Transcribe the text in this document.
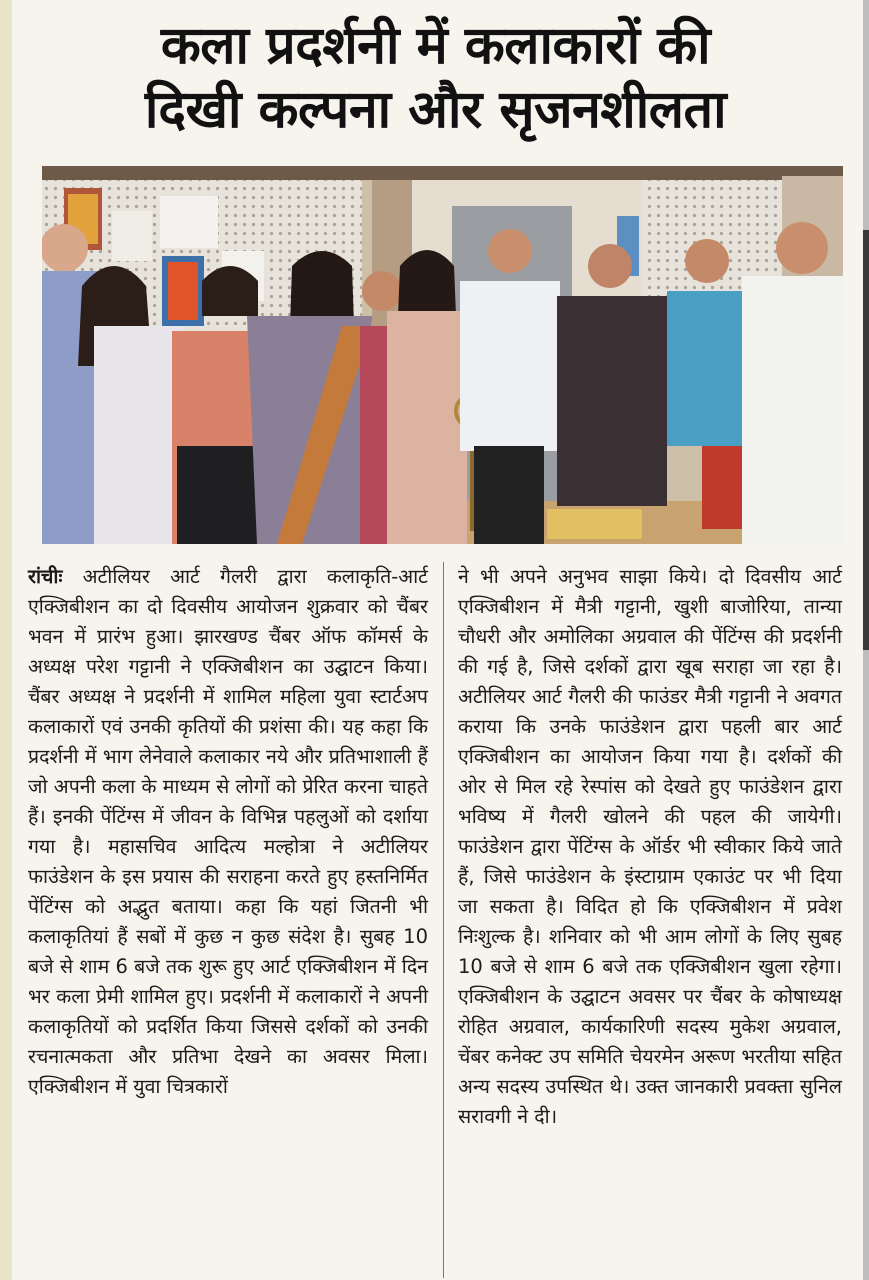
कला प्रदर्शनी में कलाकारों की
दिखी कल्पना और सृजनशीलता
रांचीः अटीलियर आर्ट गैलरी द्वारा कलाकृति-आर्ट एक्जिबीशन का दो दिवसीय आयोजन शुक्रवार को चैंबर भवन में प्रारंभ हुआ। झारखण्ड चैंबर ऑफ कॉमर्स के अध्यक्ष परेश गट्टानी ने एक्जिबीशन का उद्घाटन किया। चैंबर अध्यक्ष ने प्रदर्शनी में शामिल महिला युवा स्टार्टअप कलाकारों एवं उनकी कृतियों की प्रशंसा की। यह कहा कि प्रदर्शनी में भाग लेनेवाले कलाकार नये और प्रतिभाशाली हैं जो अपनी कला के माध्यम से लोगों को प्रेरित करना चाहते हैं। इनकी पेंटिंग्स में जीवन के विभिन्न पहलुओं को दर्शाया गया है। महासचिव आदित्य मल्होत्रा ने अटीलियर फाउंडेशन के इस प्रयास की सराहना करते हुए हस्तनिर्मित पेंटिंग्स को अद्भुत बताया। कहा कि यहां जितनी भी कलाकृतियां हैं सबों में कुछ न कुछ संदेश है। सुबह 10 बजे से शाम 6 बजे तक शुरू हुए आर्ट एक्जिबीशन में दिन भर कला प्रेमी शामिल हुए। प्रदर्शनी में कलाकारों ने अपनी कलाकृतियों को प्रदर्शित किया जिससे दर्शकों को उनकी रचनात्मकता और प्रतिभा देखने का अवसर मिला। एक्जिबीशन में युवा चित्रकारों
ने भी अपने अनुभव साझा किये। दो दिवसीय आर्ट एक्जिबीशन में मैत्री गट्टानी, खुशी बाजोरिया, तान्या चौधरी और अमोलिका अग्रवाल की पेंटिंग्स की प्रदर्शनी की गई है, जिसे दर्शकों द्वारा खूब सराहा जा रहा है। अटीलियर आर्ट गैलरी की फाउंडर मैत्री गट्टानी ने अवगत कराया कि उनके फाउंडेशन द्वारा पहली बार आर्ट एक्जिबीशन का आयोजन किया गया है। दर्शकों की ओर से मिल रहे रेस्पांस को देखते हुए फाउंडेशन द्वारा भविष्य में गैलरी खोलने की पहल की जायेगी। फाउंडेशन द्वारा पेंटिंग्स के ऑर्डर भी स्वीकार किये जाते हैं, जिसे फाउंडेशन के इंस्टाग्राम एकाउंट पर भी दिया जा सकता है। विदित हो कि एक्जिबीशन में प्रवेश निःशुल्क है। शनिवार को भी आम लोगों के लिए सुबह 10 बजे से शाम 6 बजे तक एक्जिबीशन खुला रहेगा। एक्जिबीशन के उद्घाटन अवसर पर चैंबर के कोषाध्यक्ष रोहित अग्रवाल, कार्यकारिणी सदस्य मुकेश अग्रवाल, चेंबर कनेक्ट उप समिति चेयरमेन अरूण भरतीया सहित अन्य सदस्य उपस्थित थे। उक्त जानकारी प्रवक्ता सुनिल सरावगी ने दी।
